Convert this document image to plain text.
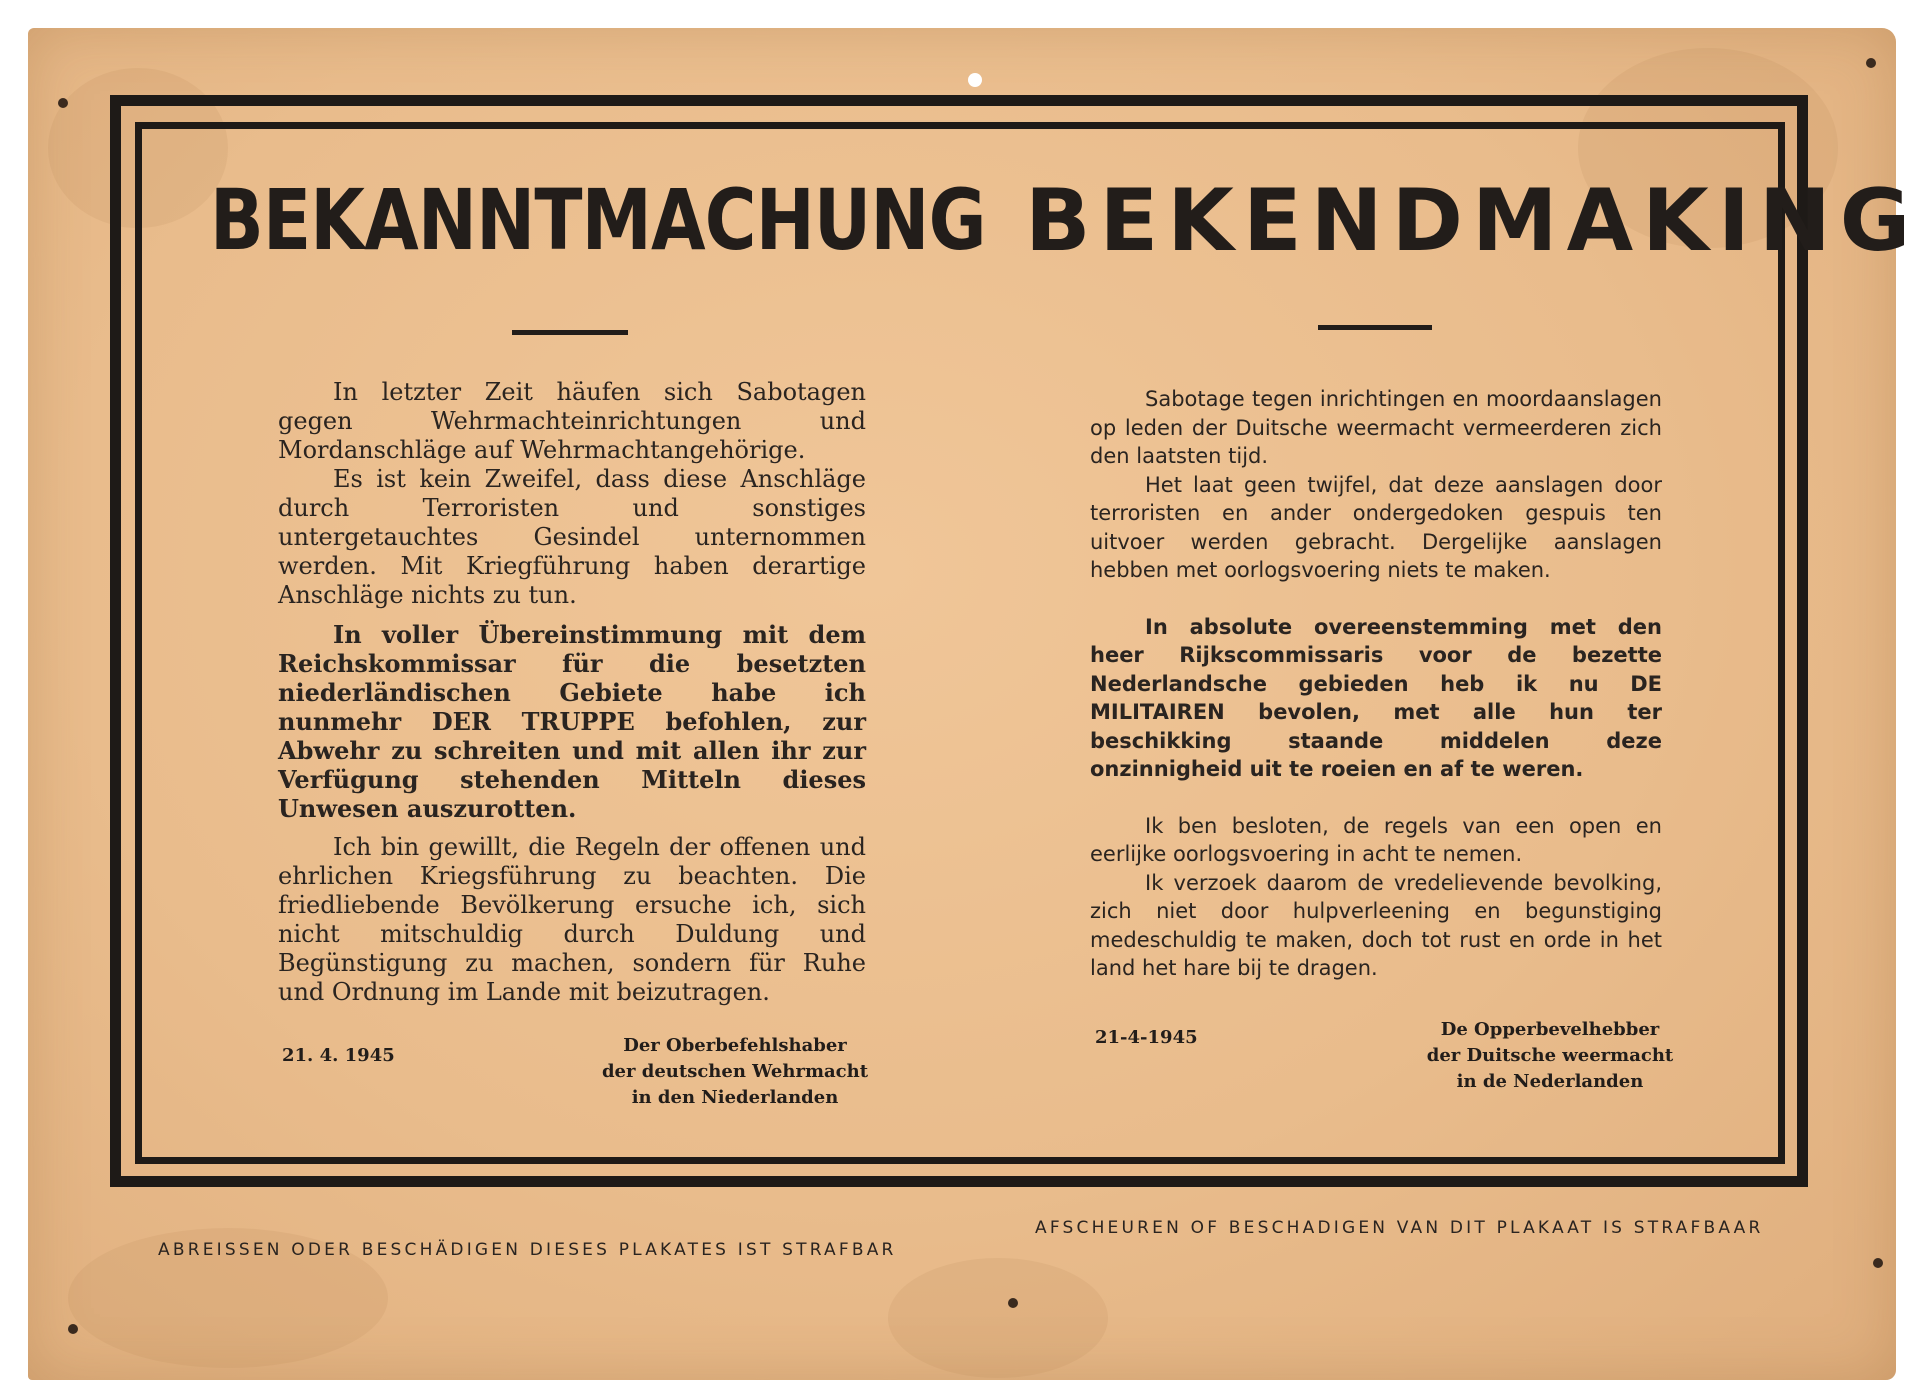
BEKANNTMACHUNG BEKENDMAKING

In letzter Zeit häufen sich Sabotagen gegen Wehrmachteinrichtungen und Mordanschläge auf Wehrmachtangehörige.

Es ist kein Zweifel, dass diese Anschläge durch Terroristen und sonstiges untergetauchtes Gesindel unternommen werden. Mit Kriegführung haben derartige Anschläge nichts zu tun.

In voller Übereinstimmung mit dem Reichskommissar für die besetzten niederländischen Gebiete habe ich nunmehr DER TRUPPE befohlen, zur Abwehr zu schreiten und mit allen ihr zur Verfügung stehenden Mitteln dieses Unwesen auszurotten.

Ich bin gewillt, die Regeln der offenen und ehrlichen Kriegsführung zu beachten. Die friedliebende Bevölkerung ersuche ich, sich nicht mitschuldig durch Duldung und Begünstigung zu machen, sondern für Ruhe und Ordnung im Lande mit beizutragen.

Sabotage tegen inrichtingen en moordaanslagen op leden der Duitsche weermacht vermeerderen zich den laatsten tijd.

Het laat geen twijfel, dat deze aanslagen door terroristen en ander ondergedoken gespuis ten uitvoer werden gebracht. Dergelijke aanslagen hebben met oorlogsvoering niets te maken.

In absolute overeenstemming met den heer Rijkscommissaris voor de bezette Nederlandsche gebieden heb ik nu DE MILITAIREN bevolen, met alle hun ter beschikking staande middelen deze onzinnigheid uit te roeien en af te weren.

Ik ben besloten, de regels van een open en eerlijke oorlogsvoering in acht te nemen.

Ik verzoek daarom de vredelievende bevolking, zich niet door hulpverleening en begunstiging medeschuldig te maken, doch tot rust en orde in het land het hare bij te dragen.

21. 4. 1945	Der Oberbefehlshaber
der deutschen Wehrmacht
in den Niederlanden
21-4-1945	De Opperbevelhebber
der Duitsche weermacht
in de Nederlanden
ABREISSEN ODER BESCHÄDIGEN DIESES PLAKATES IST STRAFBAR
AFSCHEUREN OF BESCHADIGEN VAN DIT PLAKAAT IS STRAFBAAR
